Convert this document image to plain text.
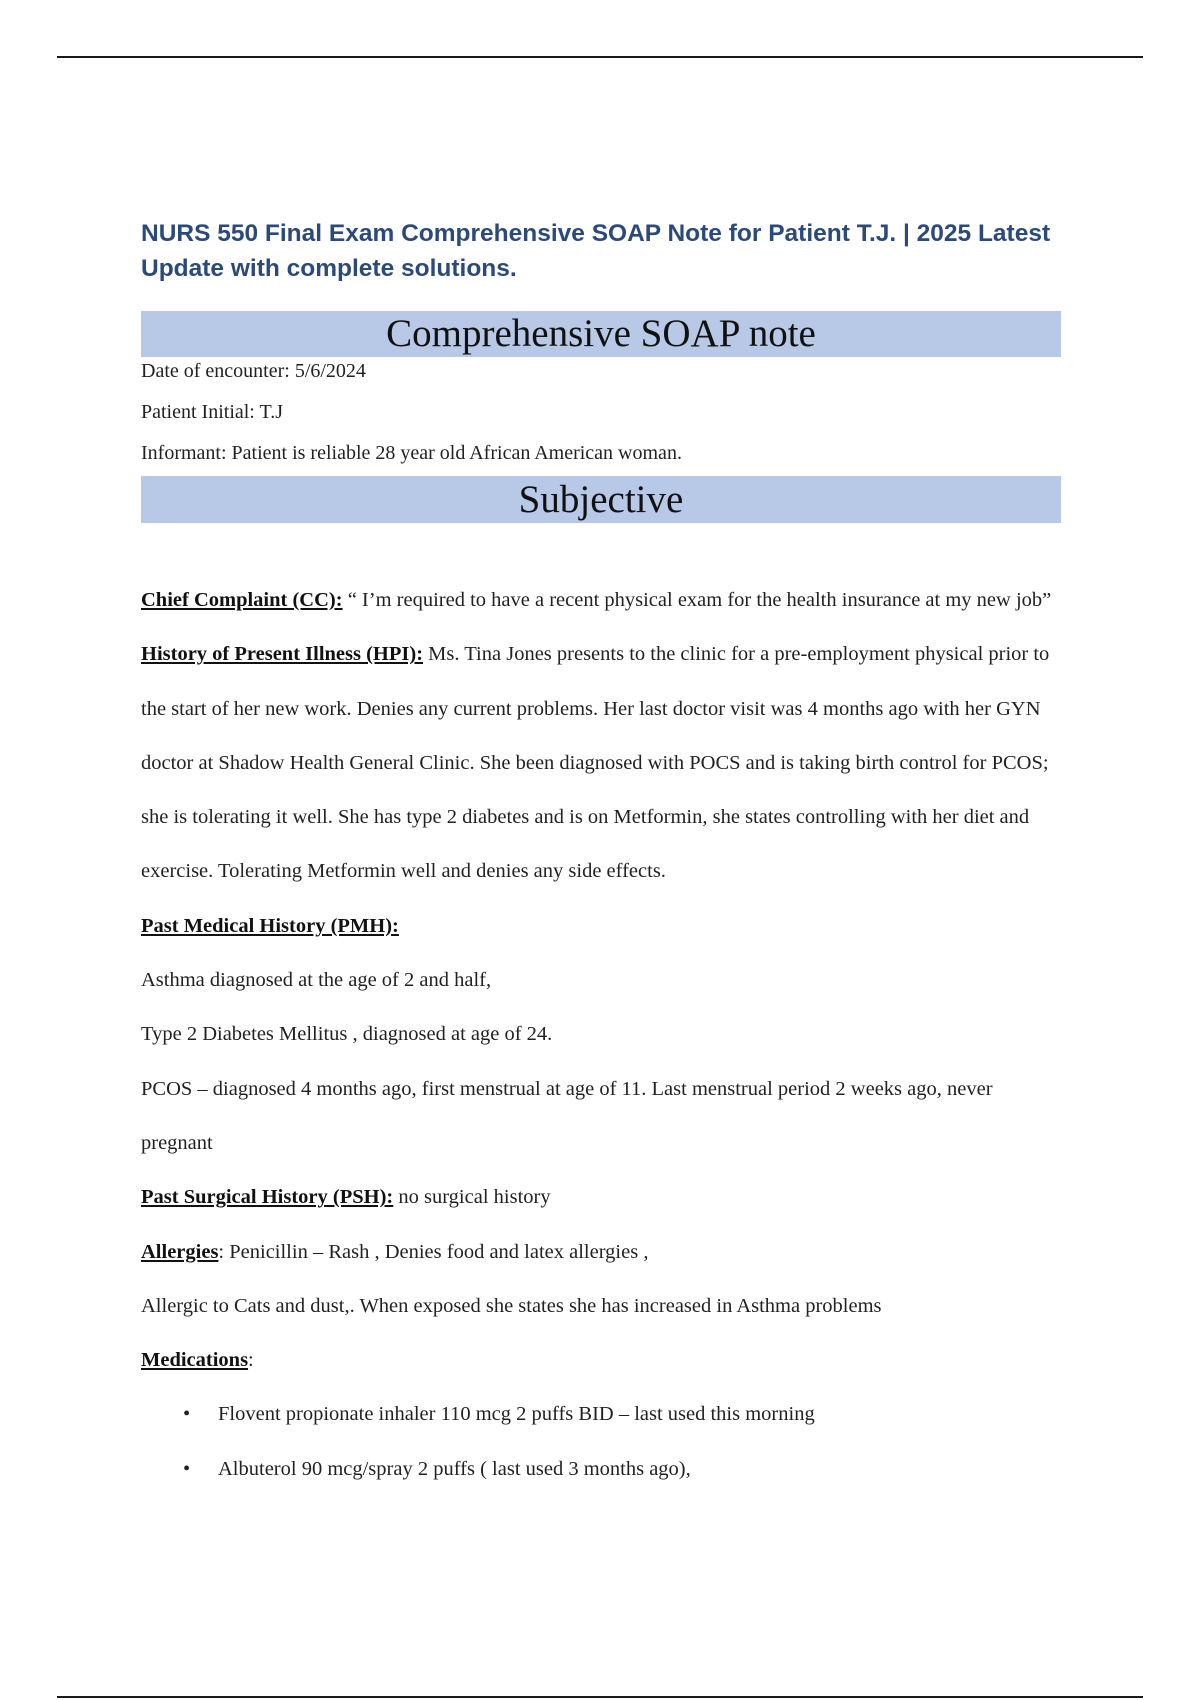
NURS 550 Final Exam Comprehensive SOAP Note for Patient T.J. | 2025 Latest Update with complete solutions.
Comprehensive SOAP note
Date of encounter: 5/6/2024
Patient Initial: T.J
Informant: Patient is reliable 28 year old African American woman.
Subjective

Chief Complaint (CC): “ I’m required to have a recent physical exam for the health insurance at my new job”

History of Present Illness (HPI): Ms. Tina Jones presents to the clinic for a pre-employment physical prior to the start of her new work. Denies any current problems. Her last doctor visit was 4 months ago with her GYN doctor at Shadow Health General Clinic. She been diagnosed with POCS and is taking birth control for PCOS; she is tolerating it well. She has type 2 diabetes and is on Metformin, she states controlling with her diet and exercise. Tolerating Metformin well and denies any side effects.

Past Medical History (PMH):

Asthma diagnosed at the age of 2 and half,

Type 2 Diabetes Mellitus , diagnosed at age of 24.

PCOS – diagnosed 4 months ago, first menstrual at age of 11. Last menstrual period 2 weeks ago, never pregnant

Past Surgical History (PSH): no surgical history

Allergies: Penicillin – Rash , Denies food and latex allergies ,

Allergic to Cats and dust,. When exposed she states she has increased in Asthma problems

Medications:

• Flovent propionate inhaler 110 mcg 2 puffs BID – last used this morning
• Albuterol 90 mcg/spray 2 puffs ( last used 3 months ago),
